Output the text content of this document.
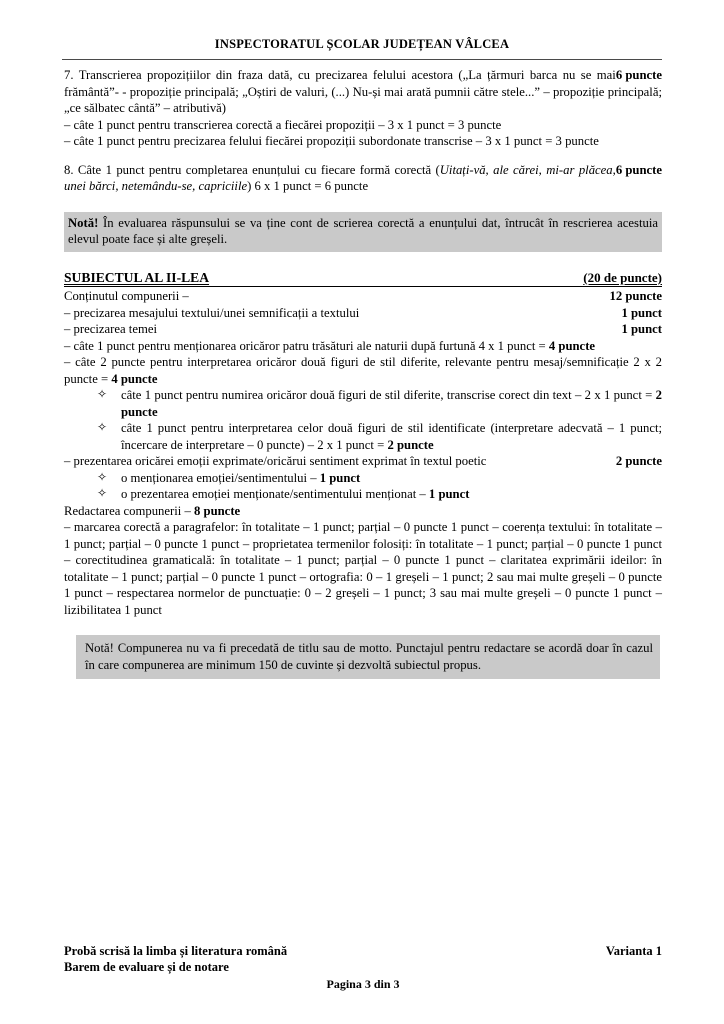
INSPECTORATUL ȘCOLAR JUDEȚEAN VÂLCEA
6 puncte

7. Transcrierea propozițiilor din fraza dată, cu precizarea felului acestora („La țărmuri barca nu se mai frământă”- - propoziție principală; „Oștiri de valuri, (...) Nu-și mai arată pumnii către stele...” – propoziție principală; „ce sălbatec cântă” – atributivă)

– câte 1 punct pentru transcrierea corectă a fiecărei propoziții – 3 x 1 punct = 3 puncte

– câte 1 punct pentru precizarea felului fiecărei propoziții subordonate transcrise – 3 x 1 punct = 3 puncte

6 puncte

8. Câte 1 punct pentru completarea enunțului cu fiecare formă corectă (Uitați-vă, ale cărei, mi-ar plăcea, unei bărci, netemându-se, capriciile) 6 x 1 punct = 6 puncte

Notă! În evaluarea răspunsului se va ține cont de scrierea corectă a enunțului dat, întrucât în rescrierea acestuia elevul poate face și alte greșeli.
SUBIECTUL AL II-LEA	(20 de puncte)
Conținutul compunerii –	12 puncte
– precizarea mesajului textului/unei semnificații a textului	1 punct
– precizarea temei	1 punct

– câte 1 punct pentru menționarea oricăror patru trăsături ale naturii după furtună 4 x 1 punct = 4 puncte

– câte 2 puncte pentru interpretarea oricăror două figuri de stil diferite, relevante pentru mesaj/semnificație 2 x 2 puncte = 4 puncte

✧ câte 1 punct pentru numirea oricăror două figuri de stil diferite, transcrise corect din text – 2 x 1 punct = 2 puncte
✧ câte 1 punct pentru interpretarea celor două figuri de stil identificate (interpretare adecvată – 1 punct; încercare de interpretare – 0 puncte) – 2 x 1 punct = 2 puncte
– prezentarea oricărei emoții exprimate/oricărui sentiment exprimat în textul poetic	2 puncte
✧ o menționarea emoției/sentimentului – 1 punct
✧ o prezentarea emoției menționate/sentimentului menționat – 1 punct

Redactarea compunerii – 8 puncte

– marcarea corectă a paragrafelor: în totalitate – 1 punct; parțial – 0 puncte 1 punct – coerența textului: în totalitate – 1 punct; parțial – 0 puncte 1 punct – proprietatea termenilor folosiți: în totalitate – 1 punct; parțial – 0 puncte 1 punct – corectitudinea gramaticală: în totalitate – 1 punct; parțial – 0 puncte 1 punct – claritatea exprimării ideilor: în totalitate – 1 punct; parțial – 0 puncte 1 punct – ortografia: 0 – 1 greșeli – 1 punct; 2 sau mai multe greșeli – 0 puncte 1 punct – respectarea normelor de punctuație: 0 – 2 greșeli – 1 punct; 3 sau mai multe greșeli – 0 puncte 1 punct – lizibilitatea 1 punct

Notă! Compunerea nu va fi precedată de titlu sau de motto. Punctajul pentru redactare se acordă doar în cazul în care compunerea are minimum 150 de cuvinte și dezvoltă subiectul propus.
Probă scrisă la limba și literatura română	Varianta 1
Barem de evaluare și de notare
Pagina 3 din 3
